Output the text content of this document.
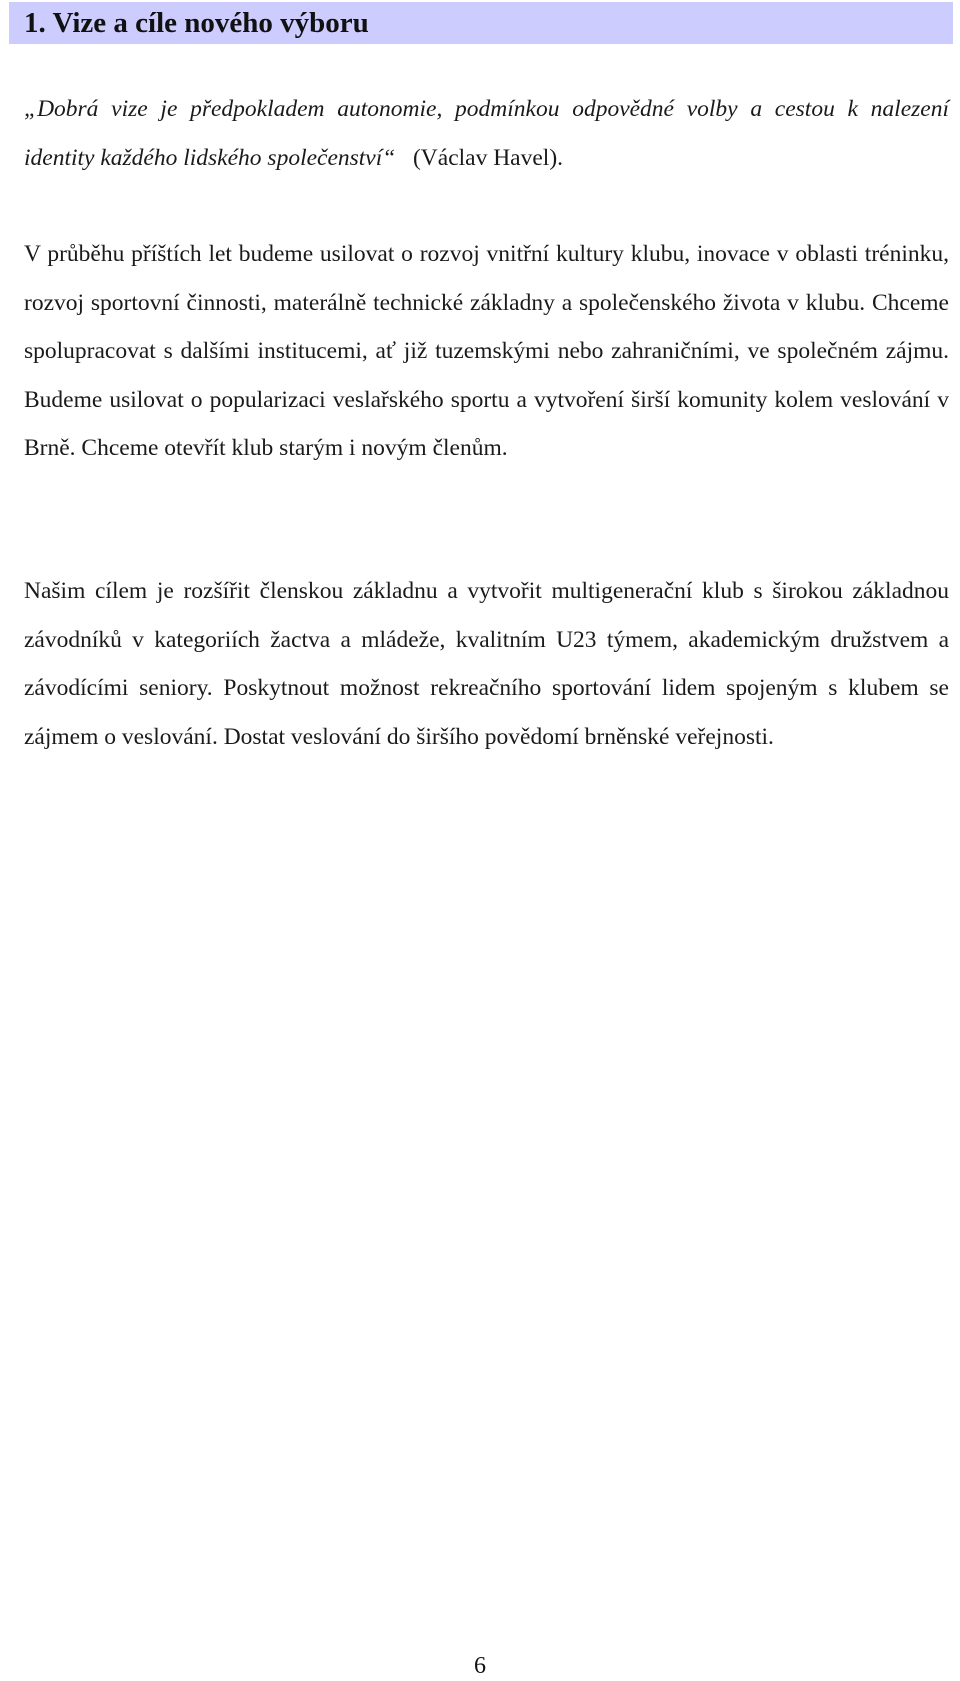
1. Vize a cíle nového výboru

„Dobrá vize je předpokladem autonomie, podmínkou odpovědné volby a cestou k nalezení identity každého lidského společenství“ (Václav Havel).

V průběhu příštích let budeme usilovat o rozvoj vnitřní kultury klubu, inovace v oblasti tréninku, rozvoj sportovní činnosti, materálně technické základny a společenského života v klubu. Chceme spolupracovat s dalšími institucemi, ať již tuzemskými nebo zahraničními, ve společném zájmu. Budeme usilovat o popularizaci veslařského sportu a vytvoření širší komunity kolem veslování v Brně. Chceme otevřít klub starým i novým členům.

Našim cílem je rozšířit členskou základnu a vytvořit multigenerační klub s širokou základnou závodníků v kategoriích žactva a mládeže, kvalitním U23 týmem, akademickým družstvem a závodícími seniory. Poskytnout možnost rekreačního sportování lidem spojeným s klubem se zájmem o veslování. Dostat veslování do širšího povědomí brněnské veřejnosti.

6
